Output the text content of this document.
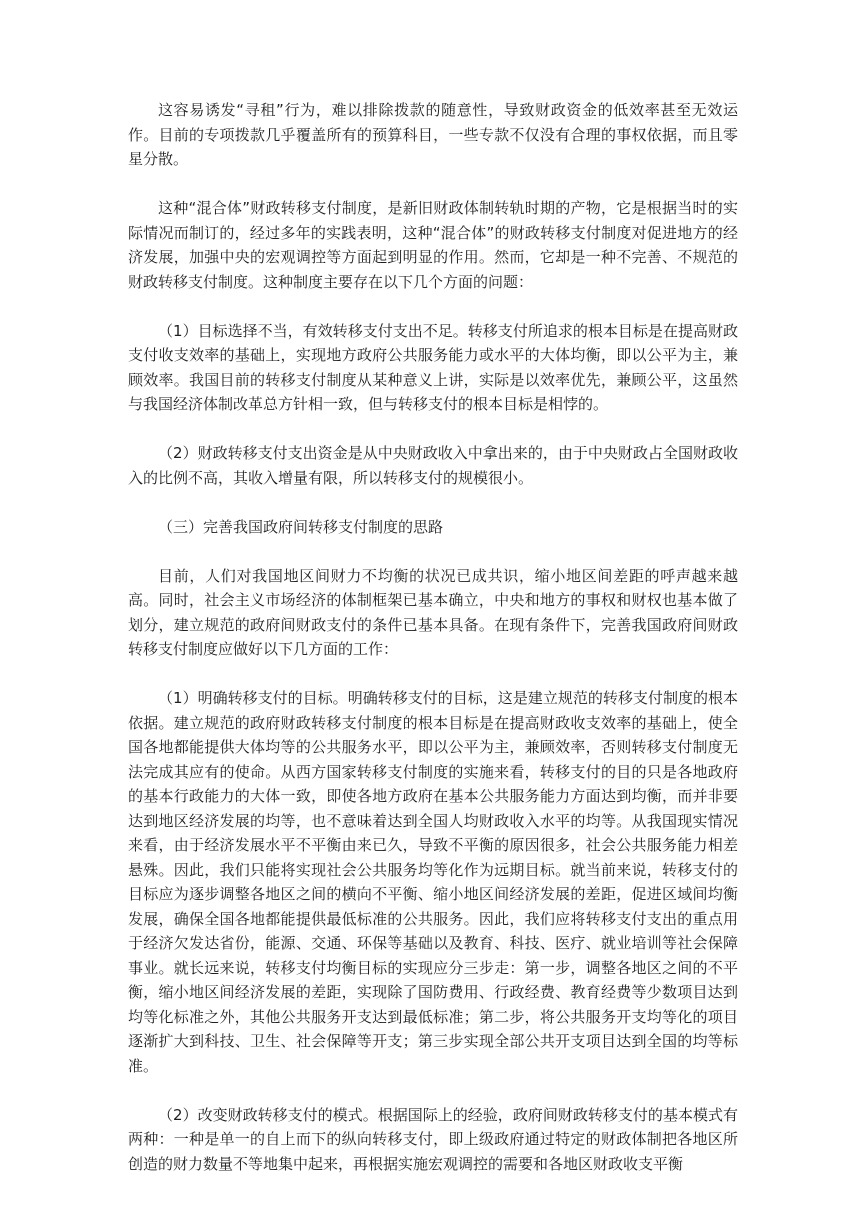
这容易诱发“寻租”行为，难以排除拨款的随意性，导致财政资金的低效率甚至无效运作。目前的专项拨款几乎覆盖所有的预算科目，一些专款不仅没有合理的事权依据，而且零星分散。

这种“混合体”财政转移支付制度，是新旧财政体制转轨时期的产物，它是根据当时的实际情况而制订的，经过多年的实践表明，这种“混合体”的财政转移支付制度对促进地方的经济发展，加强中央的宏观调控等方面起到明显的作用。然而，它却是一种不完善、不规范的财政转移支付制度。这种制度主要存在以下几个方面的问题：

（1）目标选择不当，有效转移支付支出不足。转移支付所追求的根本目标是在提高财政支付收支效率的基础上，实现地方政府公共服务能力或水平的大体均衡，即以公平为主，兼顾效率。我国目前的转移支付制度从某种意义上讲，实际是以效率优先，兼顾公平，这虽然与我国经济体制改革总方针相一致，但与转移支付的根本目标是相悖的。

（2）财政转移支付支出资金是从中央财政收入中拿出来的，由于中央财政占全国财政收入的比例不高，其收入增量有限，所以转移支付的规模很小。

（三）完善我国政府间转移支付制度的思路

目前，人们对我国地区间财力不均衡的状况已成共识，缩小地区间差距的呼声越来越高。同时，社会主义市场经济的体制框架已基本确立，中央和地方的事权和财权也基本做了划分，建立规范的政府间财政支付的条件已基本具备。在现有条件下，完善我国政府间财政转移支付制度应做好以下几方面的工作：

（1）明确转移支付的目标。明确转移支付的目标，这是建立规范的转移支付制度的根本依据。建立规范的政府财政转移支付制度的根本目标是在提高财政收支效率的基础上，使全国各地都能提供大体均等的公共服务水平，即以公平为主，兼顾效率，否则转移支付制度无法完成其应有的使命。从西方国家转移支付制度的实施来看，转移支付的目的只是各地政府的基本行政能力的大体一致，即使各地方政府在基本公共服务能力方面达到均衡，而并非要达到地区经济发展的均等，也不意味着达到全国人均财政收入水平的均等。从我国现实情况来看，由于经济发展水平不平衡由来已久，导致不平衡的原因很多，社会公共服务能力相差悬殊。因此，我们只能将实现社会公共服务均等化作为远期目标。就当前来说，转移支付的目标应为逐步调整各地区之间的横向不平衡、缩小地区间经济发展的差距，促进区域间均衡发展，确保全国各地都能提供最低标准的公共服务。因此，我们应将转移支付支出的重点用于经济欠发达省份，能源、交通、环保等基础以及教育、科技、医疗、就业培训等社会保障事业。就长远来说，转移支付均衡目标的实现应分三步走：第一步，调整各地区之间的不平衡，缩小地区间经济发展的差距，实现除了国防费用、行政经费、教育经费等少数项目达到均等化标准之外，其他公共服务开支达到最低标准；第二步，将公共服务开支均等化的项目逐渐扩大到科技、卫生、社会保障等开支；第三步实现全部公共开支项目达到全国的均等标准。

（2）改变财政转移支付的模式。根据国际上的经验，政府间财政转移支付的基本模式有两种：一种是单一的自上而下的纵向转移支付，即上级政府通过特定的财政体制把各地区所创造的财力数量不等地集中起来，再根据实施宏观调控的需要和各地区财政收支平衡
